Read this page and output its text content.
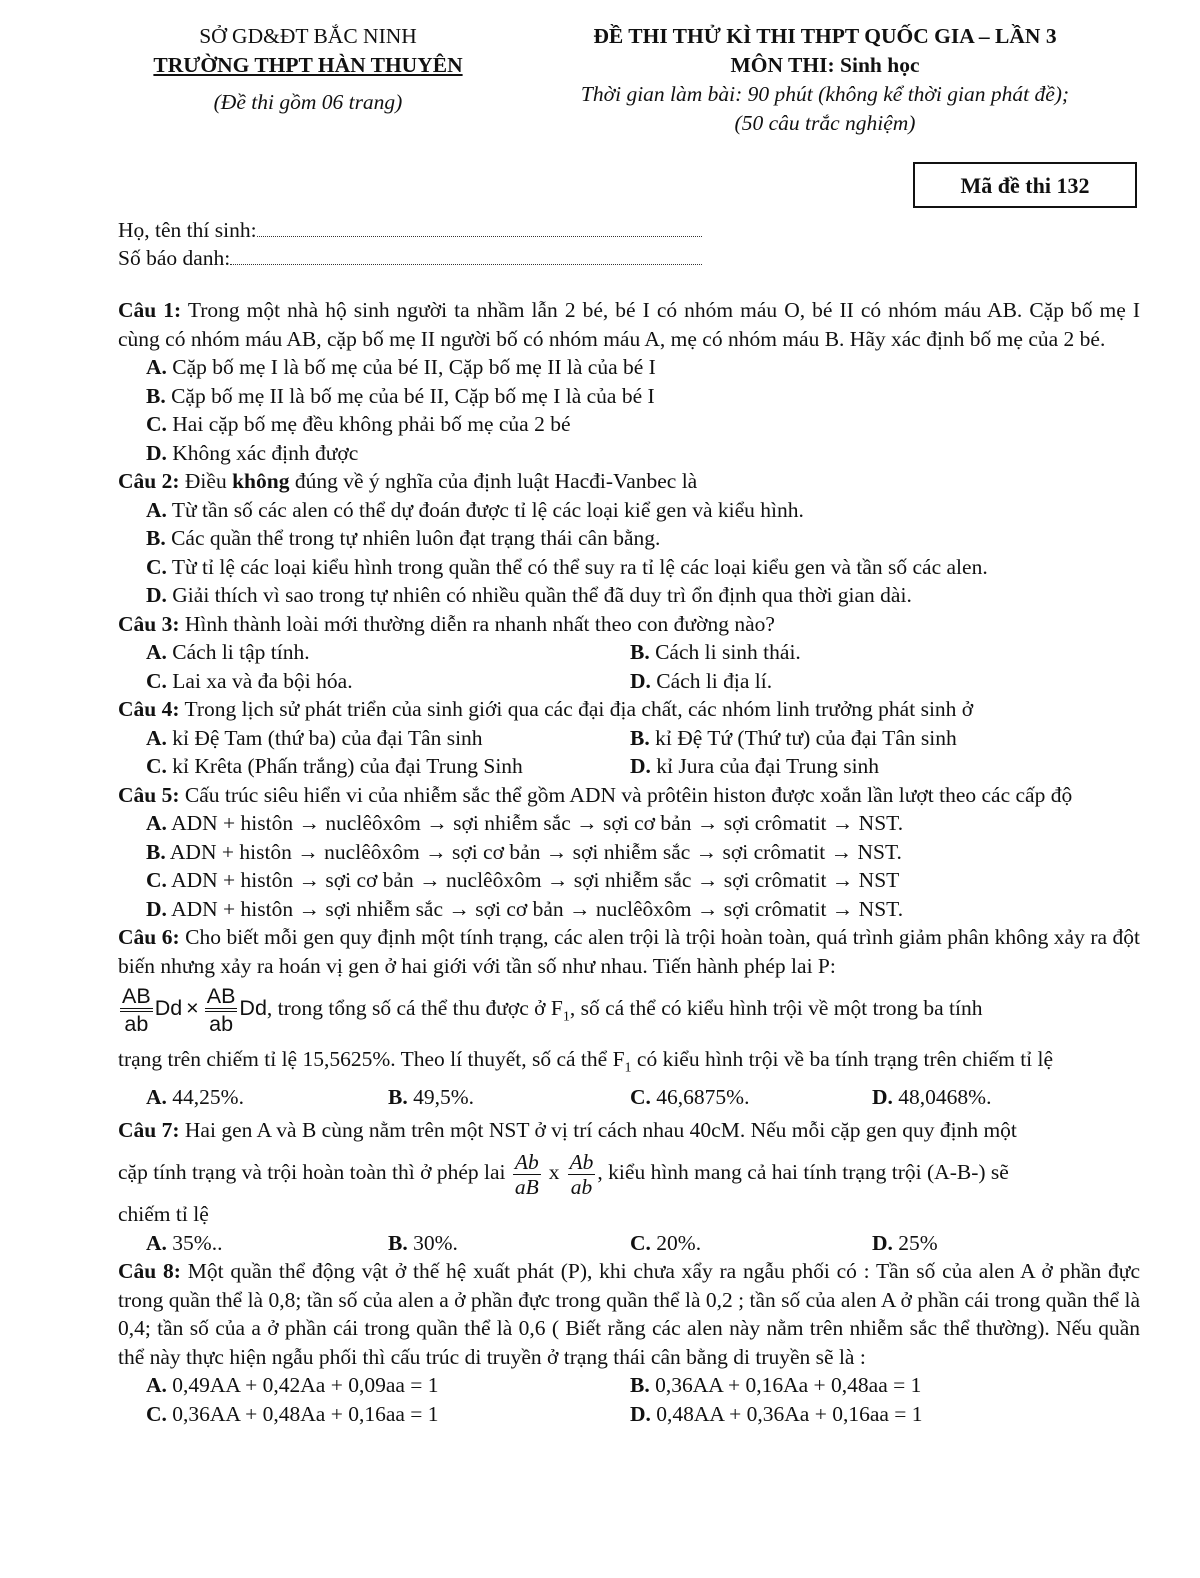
SỞ GD&ĐT BẮC NINH
TRƯỜNG THPT HÀN THUYÊN
(Đề thi gồm 06 trang)
ĐỀ THI THỬ KÌ THI THPT QUỐC GIA – LẦN 3
MÔN THI: Sinh học
Thời gian làm bài: 90 phút (không kể thời gian phát đề);
(50 câu trắc nghiệm)
Mã đề thi 132
Họ, tên thí sinh:
Số báo danh:

Câu 1: Trong một nhà hộ sinh người ta nhầm lẫn 2 bé, bé I có nhóm máu O, bé II có nhóm máu AB. Cặp bố mẹ I cùng có nhóm máu AB, cặp bố mẹ II người bố có nhóm máu A, mẹ có nhóm máu B. Hãy xác định bố mẹ của 2 bé.

A. Cặp bố mẹ I là bố mẹ của bé II, Cặp bố mẹ II là của bé I
B. Cặp bố mẹ II là bố mẹ của bé II, Cặp bố mẹ I là của bé I
C. Hai cặp bố mẹ đều không phải bố mẹ của 2 bé
D. Không xác định được

Câu 2: Điều không đúng về ý nghĩa của định luật Hacđi-Vanbec là

A. Từ tần số các alen có thể dự đoán được tỉ lệ các loại kiể gen và kiểu hình.
B. Các quần thể trong tự nhiên luôn đạt trạng thái cân bằng.
C. Từ tỉ lệ các loại kiểu hình trong quần thể có thể suy ra tỉ lệ các loại kiểu gen và tần số các alen.
D. Giải thích vì sao trong tự nhiên có nhiều quần thể đã duy trì ổn định qua thời gian dài.

Câu 3: Hình thành loài mới thường diễn ra nhanh nhất theo con đường nào?

A. Cách li tập tính.	B. Cách li sinh thái.
C. Lai xa và đa bội hóa.	D. Cách li địa lí.

Câu 4: Trong lịch sử phát triển của sinh giới qua các đại địa chất, các nhóm linh trưởng phát sinh ở

A. kỉ Đệ Tam (thứ ba) của đại Tân sinh	B. kỉ Đệ Tứ (Thứ tư) của đại Tân sinh
C. kỉ Krêta (Phấn trắng) của đại Trung Sinh	D. kỉ Jura của đại Trung sinh

Câu 5: Cấu trúc siêu hiển vi của nhiễm sắc thể gồm ADN và prôtêin histon được xoắn lần lượt theo các cấp độ

A. ADN + histôn → nuclêôxôm → sợi nhiễm sắc → sợi cơ bản → sợi crômatit → NST.
B. ADN + histôn → nuclêôxôm → sợi cơ bản → sợi nhiễm sắc → sợi crômatit → NST.
C. ADN + histôn → sợi cơ bản → nuclêôxôm → sợi nhiễm sắc → sợi crômatit → NST
D. ADN + histôn → sợi nhiễm sắc → sợi cơ bản → nuclêôxôm → sợi crômatit → NST.

Câu 6: Cho biết mỗi gen quy định một tính trạng, các alen trội là trội hoàn toàn, quá trình giảm phân không xảy ra đột biến nhưng xảy ra hoán vị gen ở hai giới với tần số như nhau. Tiến hành phép lai P:

$\frac{AB}{ab}$ $Dd \times \frac{AB}{ab} Dd$, trong tổng số cá thể thu được ở $F_1$, số cá thể có kiểu hình trội về một trong ba tính

trạng trên chiếm tỉ lệ 15,5625%. Theo lí thuyết, số cá thể $F_1$ có kiểu hình trội về ba tính trạng trên chiếm tỉ lệ

A. 44,25%.	B. 49,5%.	C. 46,6875%.	D. 48,0468%.

Câu 7: Hai gen A và B cùng nằm trên một NST ở vị trí cách nhau 40cM. Nếu mỗi cặp gen quy định một

cặp tính trạng và trội hoàn toàn thì ở phép lai $\frac{Ab}{aB}$ x $\frac{Ab}{ab}$ , kiểu hình mang cả hai tính trạng trội (A-B-) sẽ

chiếm tỉ lệ

A. 35%..	B. 30%.	C. 20%.	D. 25%

Câu 8: Một quần thể động vật ở thế hệ xuất phát (P), khi chưa xẩy ra ngẫu phối có : Tần số của alen A ở phần đực trong quần thể là 0,8; tần số của alen a ở phần đực trong quần thể là 0,2 ; tần số của alen A ở phần cái trong quần thể là 0,4; tần số của a ở phần cái trong quần thể là 0,6 ( Biết rằng các alen này nằm trên nhiễm sắc thể thường). Nếu quần thể này thực hiện ngẫu phối thì cấu trúc di truyền ở trạng thái cân bằng di truyền sẽ là :

A. 0,49AA + 0,42Aa + 0,09aa = 1	B. 0,36AA + 0,16Aa + 0,48aa = 1
C. 0,36AA + 0,48Aa + 0,16aa = 1	D. 0,48AA + 0,36Aa + 0,16aa = 1
